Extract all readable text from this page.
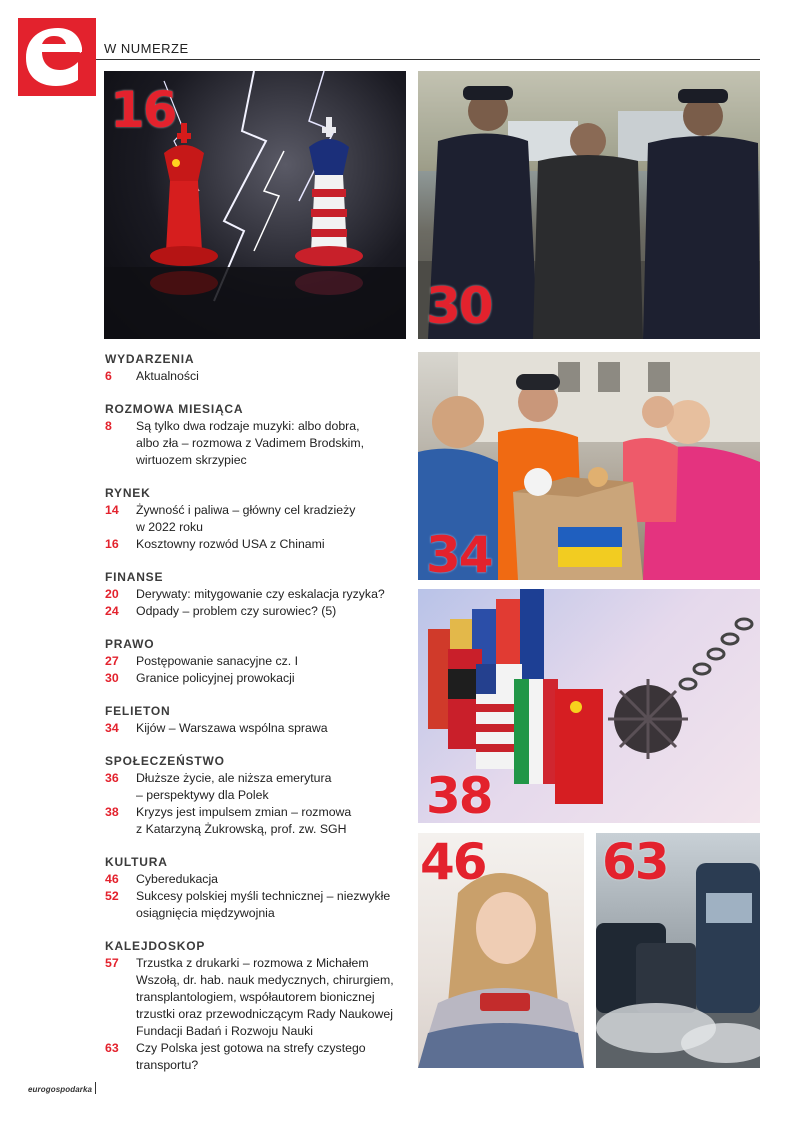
4 W NUMERZE
16
30
34
38
46 63
WYDARZENIA
6	Aktualności
ROZMOWA MIESIĄCA
8	Są tylko dwa rodzaje muzyki: albo dobra,
albo zła – rozmowa z Vadimem Brodskim,
wirtuozem skrzypiec
RYNEK
14	Żywność i paliwa – główny cel kradzieży
w 2022 roku
16	Kosztowny rozwód USA z Chinami
FINANSE
20	Derywaty: mitygowanie czy eskalacja ryzyka?
24	Odpady – problem czy surowiec? (5)
PRAWO
27	Postępowanie sanacyjne cz. I
30	Granice policyjnej prowokacji
FELIETON
34	Kijów – Warszawa wspólna sprawa
SPOŁECZEŃSTWO
36	Dłuższe życie, ale niższa emerytura
– perspektywy dla Polek
38	Kryzys jest impulsem zmian – rozmowa
z Katarzyną Żukrowską, prof. zw. SGH
KULTURA
46	Cyberedukacja
52	Sukcesy polskiej myśli technicznej – niezwykłe
osiągnięcia międzywojnia
KALEJDOSKOP
57	Trzustka z drukarki – rozmowa z Michałem
Wszołą, dr. hab. nauk medycznych, chirurgiem,
transplantologiem, współautorem bionicznej
trzustki oraz przewodniczącym Rady Naukowej
Fundacji Badań i Rozwoju Nauki
63	Czy Polska jest gotowa na strefy czystego
transportu?
eurogospodarka
